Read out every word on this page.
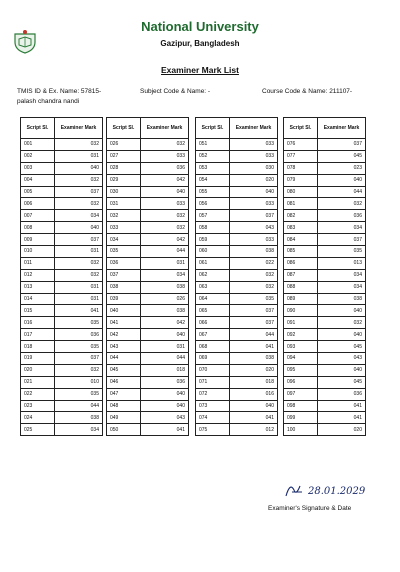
National University
Gazipur, Bangladesh
Examiner Mark List
TMIS ID & Ex. Name: 57815-
palash chandra nandi
Subject Code & Name: -	Course Code & Name: 211107-
Script Sl.	Examiner Mark
001	032
002	031
003	040
004	032
005	037
006	032
007	034
008	040
009	037
010	031
011	032
012	032
013	031
014	031
015	041
016	035
017	036
018	035
019	037
020	032
021	010
022	035
023	044
024	038
025	034
Script Sl.	Examiner Mark
026	032
027	033
028	036
029	042
030	040
031	033
032	032
033	032
034	042
035	044
036	031
037	034
038	038
039	026
040	038
041	042
042	040
043	031
044	044
045	018
046	036
047	040
048	040
049	043
050	041
Script Sl.	Examiner Mark
051	033
052	033
053	030
054	020
055	040
056	033
057	037
058	043
059	033
060	038
061	022
062	032
063	032
064	035
065	037
066	037
067	044
068	041
069	038
070	020
071	018
072	016
073	040
074	041
075	012
Script Sl.	Examiner Mark
076	037
077	045
078	023
079	040
080	044
081	032
082	036
083	034
084	037
085	035
086	013
087	034
088	034
089	038
090	040
091	032
092	040
093	045
094	043
095	040
096	045
097	036
098	041
099	041
100	020
28.01.2029
Examiner's Signature & Date
